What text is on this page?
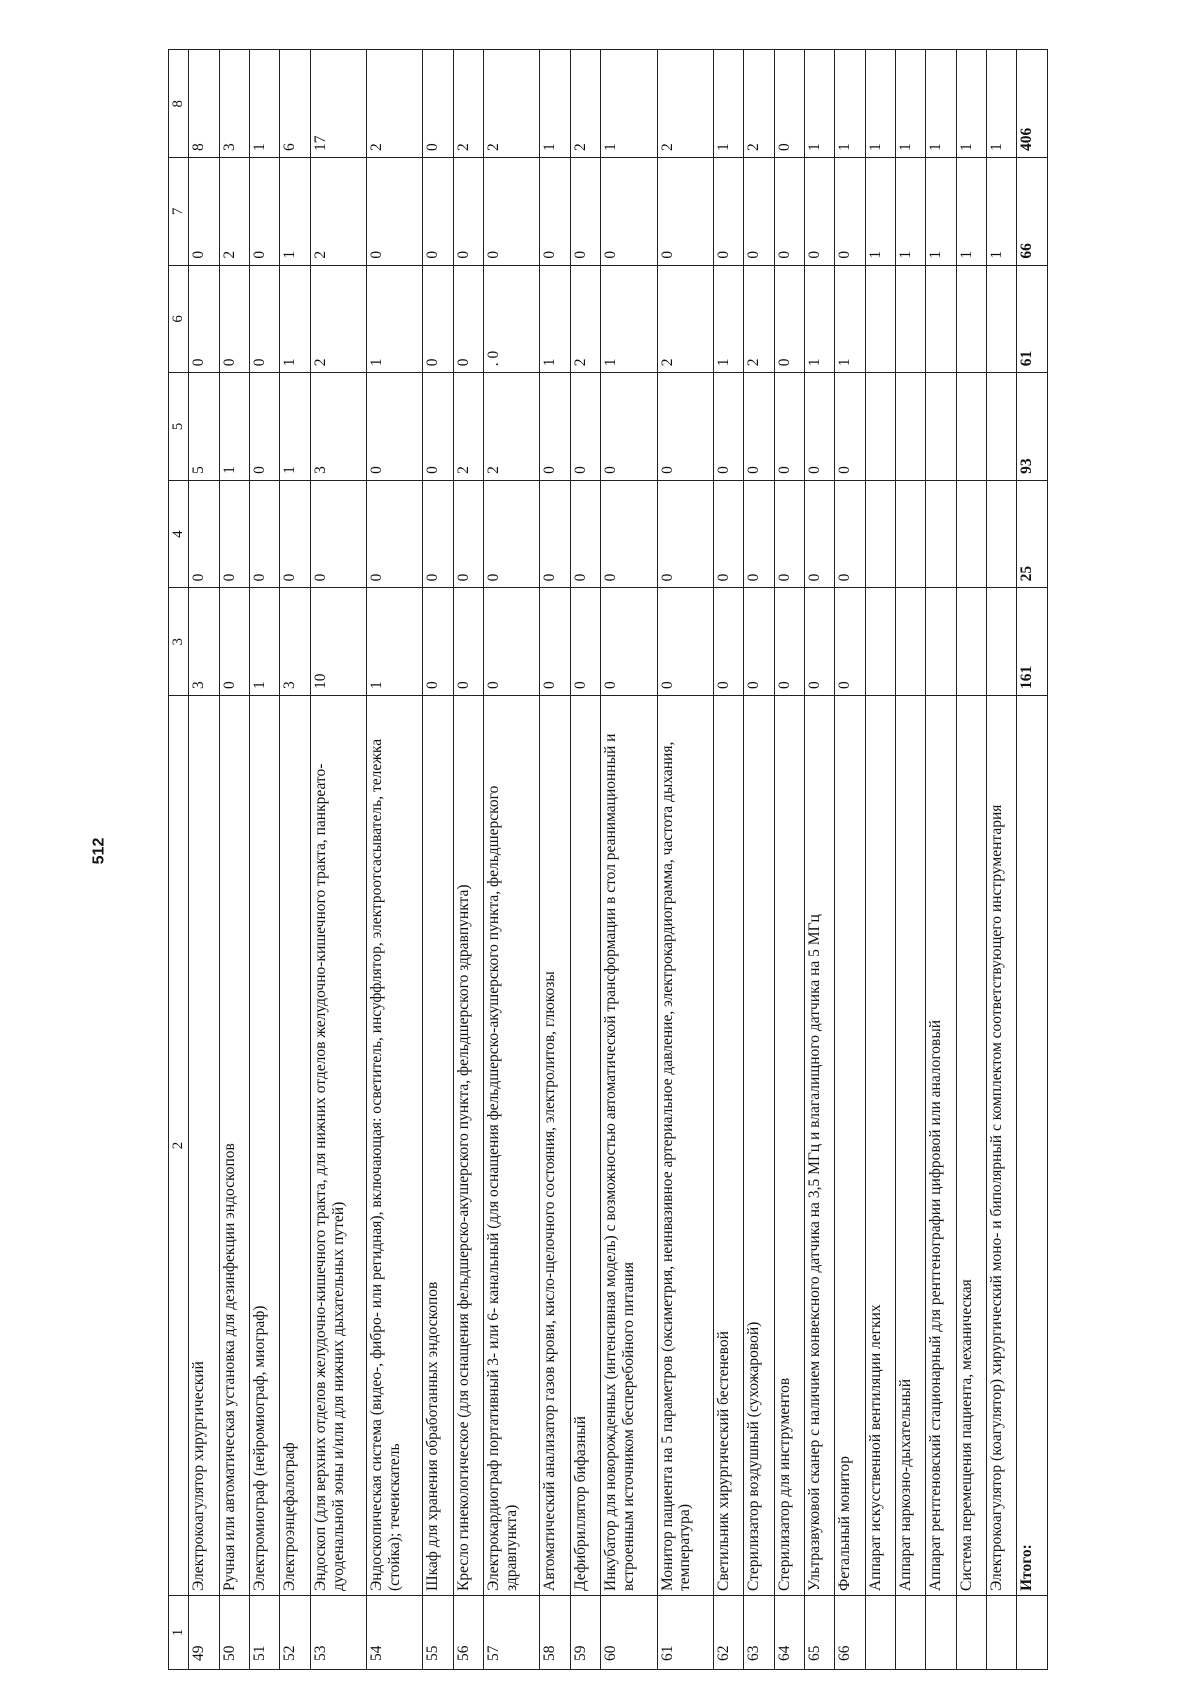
512
1	2	3	4	5	6	7	8
49	Электрокоагулятор хирургический	3	0	5	0	0	8
50	Ручная или автоматическая установка для дезинфекции эндоскопов	0	0	1	0	2	3
51	Электромиограф (нейромиограф, миограф)	1	0	0	0	0	1
52	Электроэнцефалограф	3	0	1	1	1	6
53	Эндоскоп (для верхних отделов желудочно-кишечного тракта, для нижних отделов желудочно-кишечного тракта, панкреато-дуоденальной зоны и/или для нижних дыхательных путей)	10	0	3	2	2	17
54	Эндоскопическая система (видео-, фибро- или регидная), включающая: осветитель, инсуффлятор, электроотсасыватель, тележка (стойка); течеискатель	1	0	0	1	0	2
55	Шкаф для хранения обработанных эндоскопов	0	0	0	0	0	0
56	Кресло гинекологическое (для оснащения фельдшерско-акушерского пункта, фельдшерского здравпункта)	0	0	2	0	0	2
57	Электрокардиограф портативный 3- или 6- канальный (для оснащения фельдшерско-акушерского пункта, фельдшерского здравпункта)	0	0	2	. 0	0	2
58	Автоматический анализатор газов крови, кисло-щелочного состояния, электролитов, глюкозы	0	0	0	1	0	1
59	Дефибриллятор бифазный	0	0	0	2	0	2
60	Инкубатор для новорожденных (интенсивная модель) с возможностью автоматической трансформации в стол реанимационный и встроенным источником бесперебойного питания	0	0	0	1	0	1
61	Монитор пациента на 5 параметров (оксиметрия, неинвазивное артериальное давление, электрокардиограмма, частота дыхания, температура)	0	0	0	2	0	2
62	Светильник хирургический бестеневой	0	0	0	1	0	1
63	Стерилизатор воздушный (сухожаровой)	0	0	0	2	0	2
64	Стерилизатор для инструментов	0	0	0	0	0	0
65	Ультразвуковой сканер с наличием конвексного датчика на 3,5 МГц и влагалищного датчика на 5 МГц	0	0	0	1	0	1
66	Фетальный монитор	0	0	0	1	0	1
	Аппарат искусственной вентиляции легких					1	1
	Аппарат наркозно-дыхательный					1	1
	Аппарат рентгеновский стационарный для рентгенографии цифровой или аналоговый					1	1
	Система перемещения пациента, механическая					1	1
	Электрокоагулятор (коагулятор) хирургический моно- и биполярный с комплектом соответствующего инструментария					1	1
	Итого:	161	25	93	61	66	406
